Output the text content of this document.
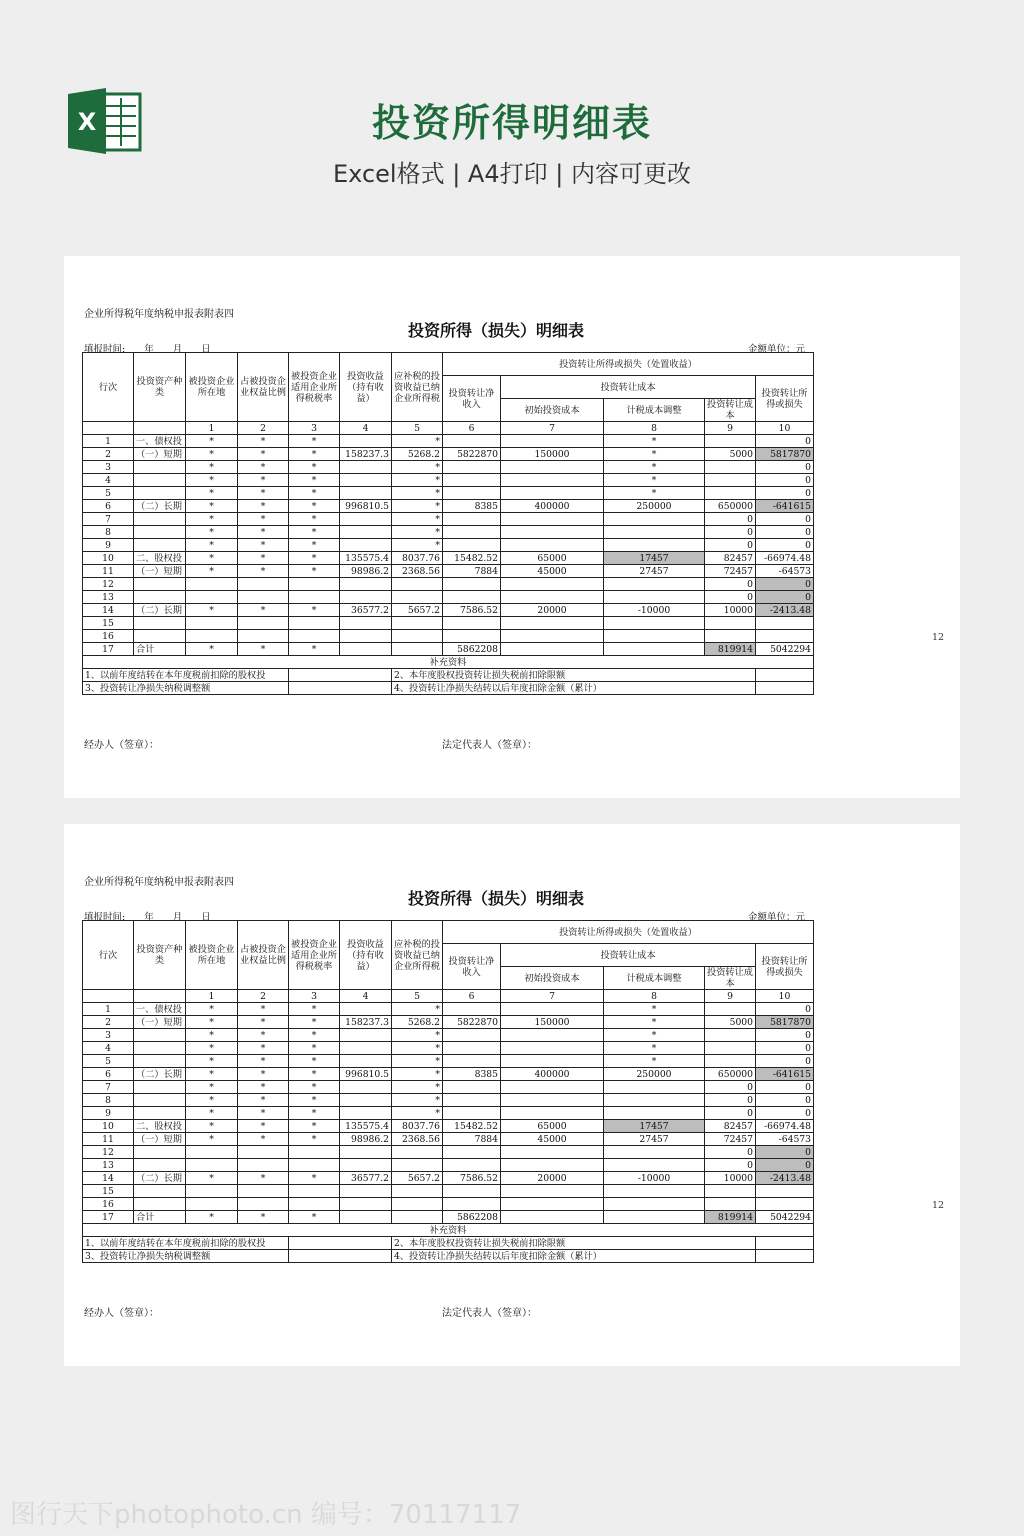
X	投资所得明细表
Excel格式 | A4打印 | 内容可更改
企业所得税年度纳税申报表附表四
投资所得（损失）明细表
填报时间: 年 月 日	金额单位：元
12
行次	投资资产种类	被投资企业所在地	占被投资企业权益比例	被投资企业适用企业所得税税率	投资收益（持有收益）	应补税的投资收益已纳企业所得税	投资转让所得或损失（处置收益）				
							投资转让净收入	投资转让成本			投资转让所得或损失
								初始投资成本	计税成本调整	投资转让成本	
		1	2	3	4	5	6	7	8	9	10
1	一、债权投	*	*	*		*			*		0
2	（一）短期	*	*	*	158237.3	5268.2	5822870	150000	*	5000	5817870
3		*	*	*		*			*		0
4		*	*	*		*			*		0
5		*	*	*		*			*		0
6	（二）长期	*	*	*	996810.5	*	8385	400000	250000	650000	-641615
7		*	*	*		*				0	0
8		*	*	*		*				0	0
9		*	*	*		*				0	0
10	二、股权投	*	*	*	135575.4	8037.76	15482.52	65000	17457	82457	-66974.48
11	（一）短期	*	*	*	98986.2	2368.56	7884	45000	27457	72457	-64573
12										0	0
13										0	0
14	（二）长期	*	*	*	36577.2	5657.2	7586.52	20000	-10000	10000	-2413.48
15											
16											
17	合计	*	*	*			5862208			819914	5042294
补充资料											
1、以前年度结转在本年度税前扣除的股权投						2、本年度股权投资转让损失税前扣除限额					
3、投资转让净损失纳税调整额						4、投资转让净损失结转以后年度扣除金额（累计）					
经办人（签章）：	法定代表人（签章）：
企业所得税年度纳税申报表附表四
投资所得（损失）明细表
填报时间: 年 月 日	金额单位：元
12
行次	投资资产种类	被投资企业所在地	占被投资企业权益比例	被投资企业适用企业所得税税率	投资收益（持有收益）	应补税的投资收益已纳企业所得税	投资转让所得或损失（处置收益）				
							投资转让净收入	投资转让成本			投资转让所得或损失
								初始投资成本	计税成本调整	投资转让成本	
		1	2	3	4	5	6	7	8	9	10
1	一、债权投	*	*	*		*			*		0
2	（一）短期	*	*	*	158237.3	5268.2	5822870	150000	*	5000	5817870
3		*	*	*		*			*		0
4		*	*	*		*			*		0
5		*	*	*		*			*		0
6	（二）长期	*	*	*	996810.5	*	8385	400000	250000	650000	-641615
7		*	*	*		*				0	0
8		*	*	*		*				0	0
9		*	*	*		*				0	0
10	二、股权投	*	*	*	135575.4	8037.76	15482.52	65000	17457	82457	-66974.48
11	（一）短期	*	*	*	98986.2	2368.56	7884	45000	27457	72457	-64573
12										0	0
13										0	0
14	（二）长期	*	*	*	36577.2	5657.2	7586.52	20000	-10000	10000	-2413.48
15											
16											
17	合计	*	*	*			5862208			819914	5042294
补充资料											
1、以前年度结转在本年度税前扣除的股权投						2、本年度股权投资转让损失税前扣除限额					
3、投资转让净损失纳税调整额						4、投资转让净损失结转以后年度扣除金额（累计）					
经办人（签章）：	法定代表人（签章）：
图行天下photophoto.cn 编号：70117117
